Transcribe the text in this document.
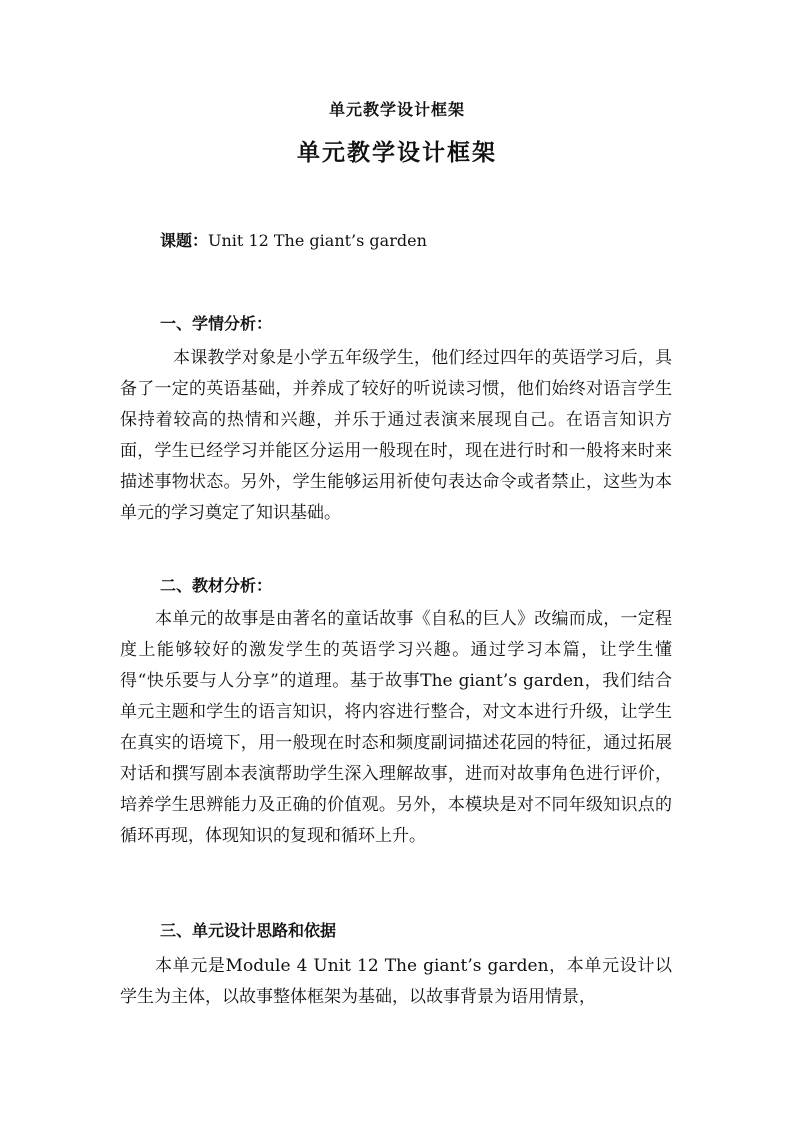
单元教学设计框架
单元教学设计框架
课题：Unit 12 The giant’s garden
一、学情分析：

本课教学对象是小学五年级学生，他们经过四年的英语学习后，具备了一定的英语基础，并养成了较好的听说读习惯，他们始终对语言学生保持着较高的热情和兴趣，并乐于通过表演来展现自己。在语言知识方面，学生已经学习并能区分运用一般现在时，现在进行时和一般将来时来描述事物状态。另外，学生能够运用祈使句表达命令或者禁止，这些为本单元的学习奠定了知识基础。

二、教材分析：

本单元的故事是由著名的童话故事《自私的巨人》改编而成，一定程度上能够较好的激发学生的英语学习兴趣。通过学习本篇，让学生懂得“快乐要与人分享”的道理。基于故事The giant’s garden，我们结合单元主题和学生的语言知识，将内容进行整合，对文本进行升级，让学生在真实的语境下，用一般现在时态和频度副词描述花园的特征，通过拓展对话和撰写剧本表演帮助学生深入理解故事，进而对故事角色进行评价，培养学生思辨能力及正确的价值观。另外，本模块是对不同年级知识点的循环再现，体现知识的复现和循环上升。

三、单元设计思路和依据

本单元是Module 4 Unit 12 The giant’s garden，本单元设计以学生为主体，以故事整体框架为基础，以故事背景为语用情景，
